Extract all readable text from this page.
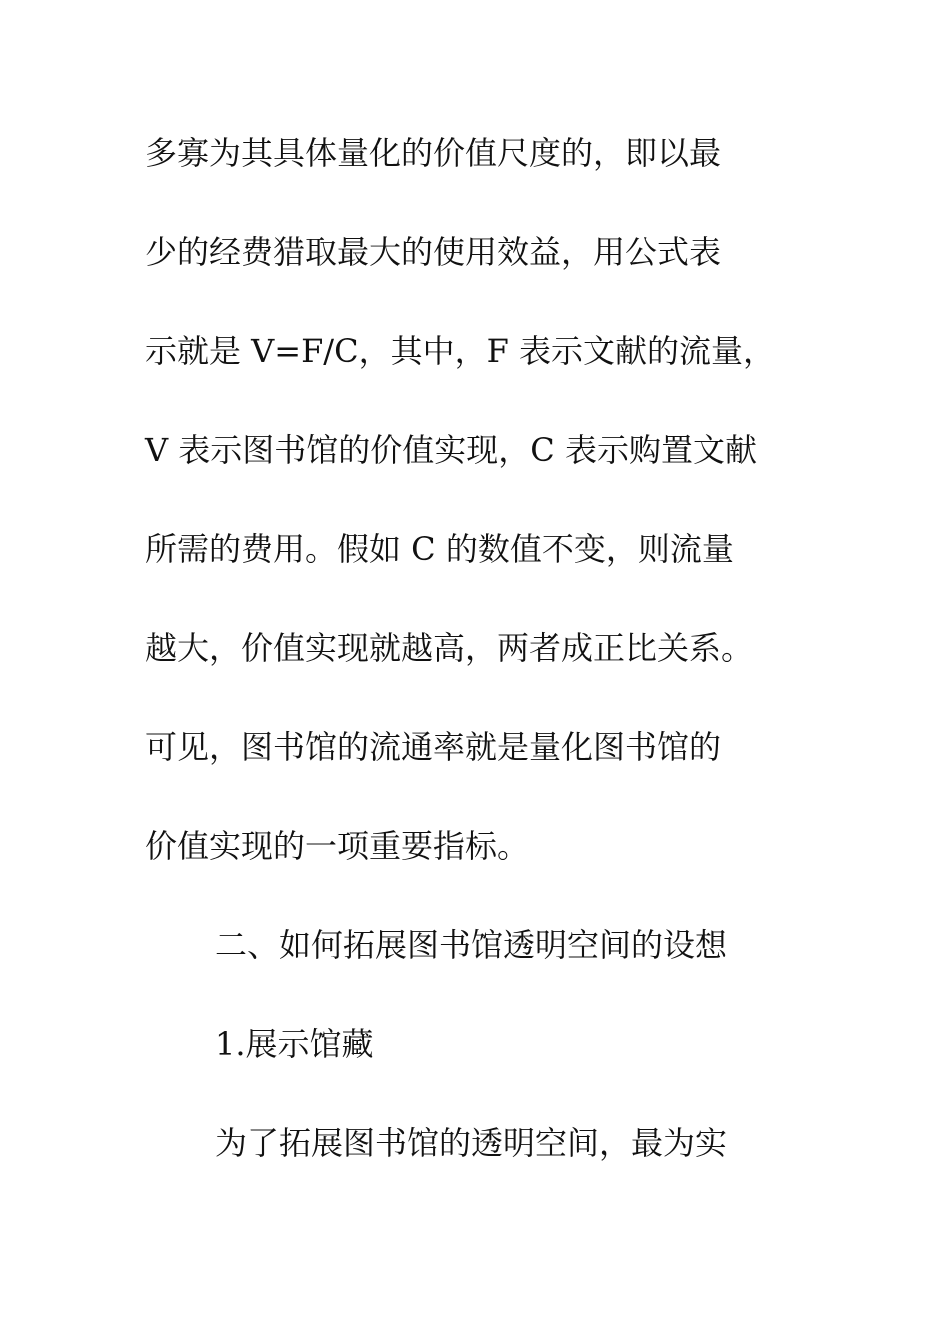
多寡为其具体量化的价值尺度的，即以最
少的经费猎取最大的使用效益，用公式表
示就是 V=F/C，其中，F 表示文献的流量，
V 表示图书馆的价值实现，C 表示购置文献
所需的费用。假如 C 的数值不变，则流量
越大，价值实现就越高，两者成正比关系。
可见，图书馆的流通率就是量化图书馆的
价值实现的一项重要指标。
二、如何拓展图书馆透明空间的设想
1.展示馆藏
为了拓展图书馆的透明空间，最为实
